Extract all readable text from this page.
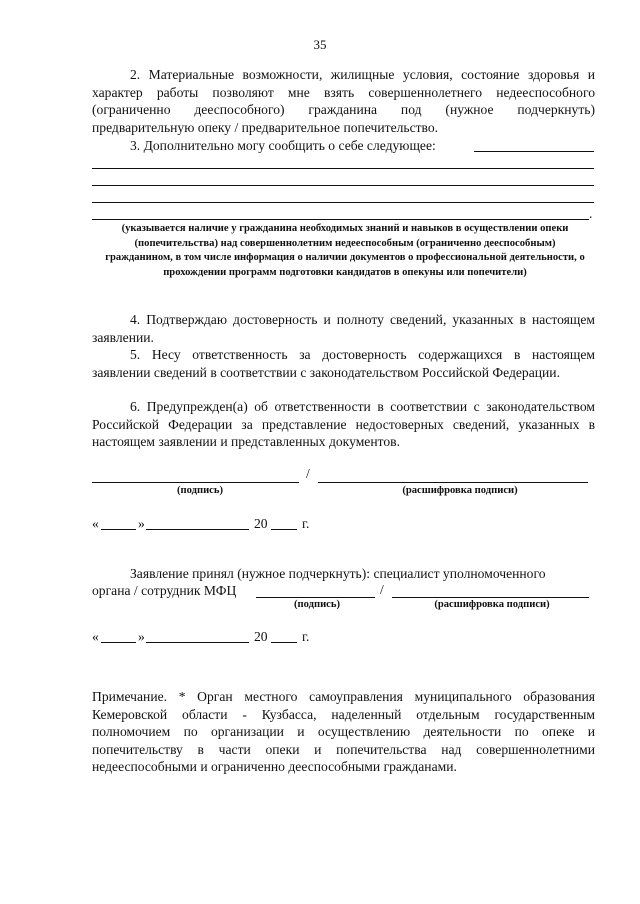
35
2. Материальные возможности, жилищные условия, состояние здоровья и характер работы позволяют мне взять совершеннолетнего недееспособного (ограниченно дееспособного) гражданина под (нужное подчеркнуть) предварительную опеку / предварительное попечительство.
3. Дополнительно могу сообщить о себе следующее:
.
(указывается наличие у гражданина необходимых знаний и навыков в осуществлении опеки (попечительства) над совершеннолетним недееспособным (ограниченно дееспособным) гражданином, в том числе информация о наличии документов о профессиональной деятельности, о прохождении программ подготовки кандидатов в опекуны или попечители)
4. Подтверждаю достоверность и полноту сведений, указанных в настоящем заявлении.
5. Несу ответственность за достоверность содержащихся в настоящем заявлении сведений в соответствии с законодательством Российской Федерации.
6. Предупрежден(а) об ответственности в соответствии с законодательством Российской Федерации за представление недостоверных сведений, указанных в настоящем заявлении и представленных документов.
/
(подпись)	(расшифровка подписи)
«	»	20	г.
Заявление принял (нужное подчеркнуть): специалист уполномоченного
органа / сотрудник МФЦ	/
(подпись)	(расшифровка подписи)
«	»	20	г.
Примечание. * Орган местного самоуправления муниципального образования Кемеровской области - Кузбасса, наделенный отдельным государственным полномочием по организации и осуществлению деятельности по опеке и попечительству в части опеки и попечительства над совершеннолетними недееспособными и ограниченно дееспособными гражданами.
